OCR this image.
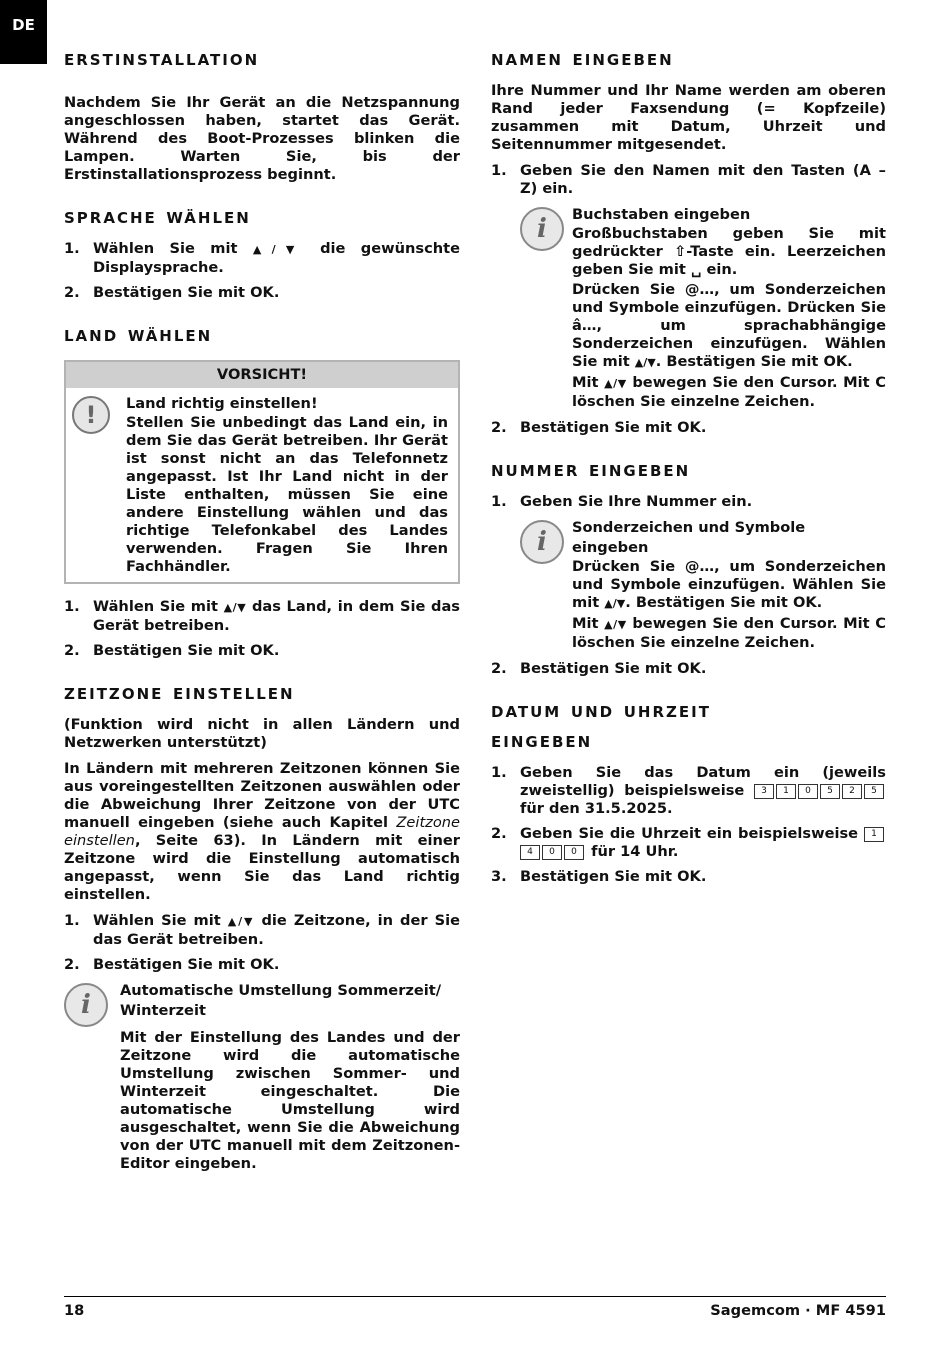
DE
erstinstallation

Nachdem Sie Ihr Gerät an die Netzspannung angeschlossen haben, startet das Gerät. Während des Boot-Prozesses blinken die Lampen. Warten Sie, bis der Erstinstallationsprozess beginnt.

sprache wählen
1. Wählen Sie mit ▲/▼ die gewünschte Displaysprache.
2. Bestätigen Sie mit OK.
land wählen
VORSICHT!
!	Land richtig einstellen!

Stellen Sie unbedingt das Land ein, in dem Sie das Gerät betreiben. Ihr Gerät ist sonst nicht an das Telefonnetz angepasst. Ist Ihr Land nicht in der Liste enthalten, müssen Sie eine andere Einstellung wählen und das richtige Telefonkabel des Landes verwenden. Fragen Sie Ihren Fachhändler.

1. Wählen Sie mit ▲/▼ das Land, in dem Sie das Gerät betreiben.
2. Bestätigen Sie mit OK.
zeitzone einstellen

(Funktion wird nicht in allen Ländern und Netzwerken unterstützt)

In Ländern mit mehreren Zeitzonen können Sie aus voreingestellten Zeitzonen auswählen oder die Abweichung Ihrer Zeitzone von der UTC manuell eingeben (siehe auch Kapitel Zeitzone einstellen, Seite 63). In Ländern mit einer Zeitzone wird die Einstellung automatisch angepasst, wenn Sie das Land richtig einstellen.

1. Wählen Sie mit ▲/▼ die Zeitzone, in der Sie das Gerät betreiben.
2. Bestätigen Sie mit OK.
i	Automatische Umstellung Sommerzeit/ Winterzeit

Mit der Einstellung des Landes und der Zeitzone wird die automatische Umstellung zwischen Sommer- und Winterzeit eingeschaltet. Die automatische Umstellung wird ausgeschaltet, wenn Sie die Abweichung von der UTC manuell mit dem Zeitzonen-Editor eingeben.

namen eingeben

Ihre Nummer und Ihr Name werden am oberen Rand jeder Faxsendung (= Kopfzeile) zusammen mit Datum, Uhrzeit und Seitennummer mitgesendet.

1. Geben Sie den Namen mit den Tasten (A – Z) ein.
i	Buchstaben eingeben

Großbuchstaben geben Sie mit gedrückter ⇧-Taste ein. Leerzeichen geben Sie mit ␣ ein.

Drücken Sie @…, um Sonderzeichen und Symbole einzufügen. Drücken Sie â…, um sprachabhängige Sonderzeichen einzufügen. Wählen Sie mit ▲/▼. Bestätigen Sie mit OK.

Mit ▲/▼ bewegen Sie den Cursor. Mit C löschen Sie einzelne Zeichen.

2. Bestätigen Sie mit OK.
nummer eingeben
1. Geben Sie Ihre Nummer ein.
i	Sonderzeichen und Symbole eingeben

Drücken Sie @…, um Sonderzeichen und Symbole einzufügen. Wählen Sie mit ▲/▼. Bestätigen Sie mit OK.

Mit ▲/▼ bewegen Sie den Cursor. Mit C löschen Sie einzelne Zeichen.

2. Bestätigen Sie mit OK.
datum und uhrzeit
eingeben
1. Geben Sie das Datum ein (jeweils zweistellig) beispielsweise 3 1 0 5 2 5 für den 31.5.2025.
2. Geben Sie die Uhrzeit ein beispielsweise 14 0 0 für 14 Uhr.
3. Bestätigen Sie mit OK.
18	Sagemcom · MF 4591
